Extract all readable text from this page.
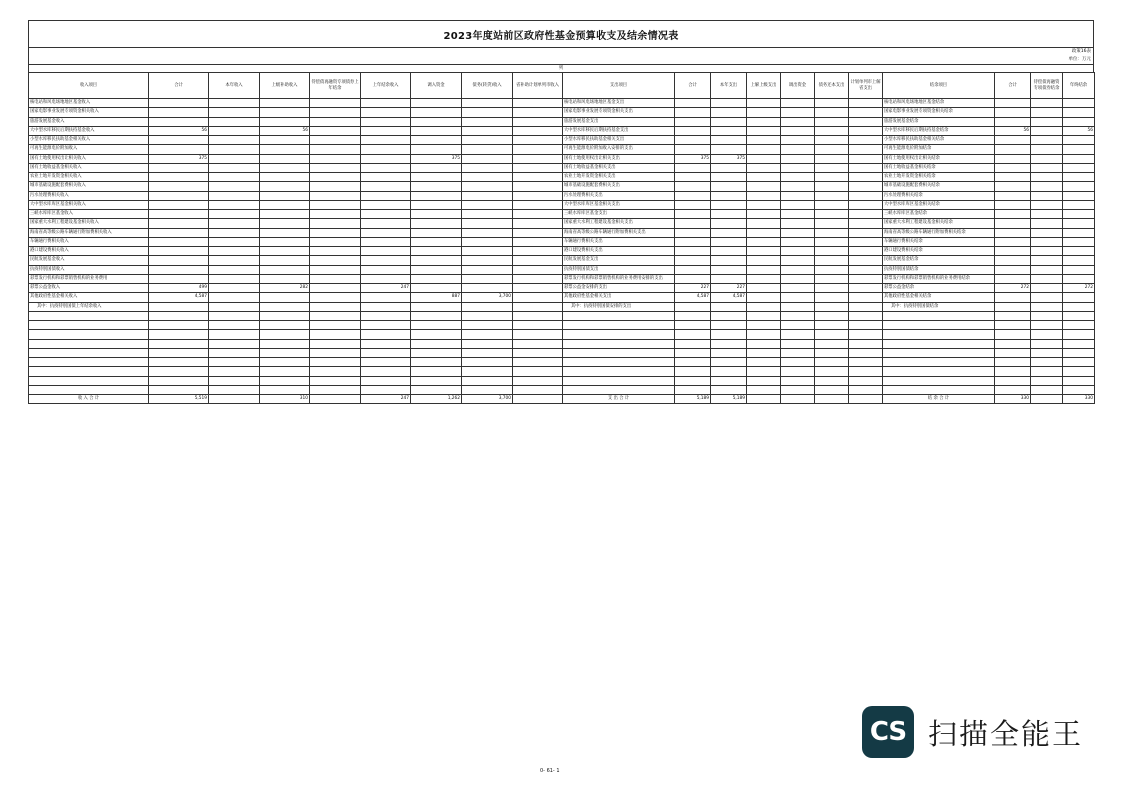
2023年度站前区政府性基金预算收支及结余情况表
政策16表
单位：万元
列
收入项目	合计	本年收入	上级补助收入	待偿债再融资专项债券上年结余	上年结余收入	调入资金	债务(转贷)收入	省补助计划单列市收入	支出项目	合计	本年支出	上解上级支出	调出资金	债务还本支出	计划单列市上解省支出	结余项目	合计	待偿债再融资专项债券结余	年终结余
核电站和风电场地地区基金收入									核电站和风电场地地区基金支出							核电站和风电场地地区基金结余			
国家电影事业发展专项资金相关收入									国家电影事业发展专项资金相关支出							国家电影事业发展专项资金相关结余			
旅游发展基金收入									旅游发展基金支出							旅游发展基金结余			
大中型水库移民后期扶持基金收入	56		56						大中型水库移民后期扶持基金支出							大中型水库移民后期扶持基金结余	56		56
小型水库移民扶助基金相关收入									小型水库移民扶助基金相关支出							小型水库移民扶助基金相关结余			
可再生能源电价附加收入									可再生能源电价附加收入安排的支出							可再生能源电价附加结余			
国有土地使用权出让相关收入	375					375			国有土地使用权出让相关支出	375	375					国有土地使用权出让相关结余			
国有土地收益基金相关收入									国有土地收益基金相关支出							国有土地收益基金相关结余			
农业土地开发资金相关收入									农业土地开发资金相关支出							农业土地开发资金相关结余			
城市基础设施配套费相关收入									城市基础设施配套费相关支出							城市基础设施配套费相关结余			
污水处理费相关收入									污水处理费相关支出							污水处理费相关结余			
大中型水库库区基金相关收入									大中型水库库区基金相关支出							大中型水库库区基金相关结余			
三峡水库库区基金收入									三峡水库库区基金支出							三峡水库库区基金结余			
国家重大水利工程建设基金相关收入									国家重大水利工程建设基金相关支出							国家重大水利工程建设基金相关结余			
海南省高等级公路车辆通行附加费相关收入									海南省高等级公路车辆通行附加费相关支出							海南省高等级公路车辆通行附加费相关结余			
车辆通行费相关收入									车辆通行费相关支出							车辆通行费相关结余			
港口建设费相关收入									港口建设费相关支出							港口建设费相关结余			
民航发展基金收入									民航发展基金支出							民航发展基金结余			
抗疫特别国债收入									抗疫特别国债支出							抗疫特别国债结余			
彩票发行机构和彩票销售机构的业务费用									彩票发行机构和彩票销售机构的业务费用安排的支出							彩票发行机构和彩票销售机构的业务费用结余			
彩票公益金收入	499		282		247				彩票公益金安排的支出	227	227					彩票公益金结余	272		272
其他政府性基金相关收入	4,587					887	3,700		其他政府性基金相关支出	4,587	4,587					其他政府性基金相关结余			
其中：抗疫特别国债上年结余收入									其中：抗疫特别国债安排的支出							其中：抗疫特别国债结余			

收 入 合 计	5,519		310		247	1,262	3,700		支 出 合 计	5,189	5,189					结 余 合 计	330		330
0- 61- 1
CS 扫描全能王
